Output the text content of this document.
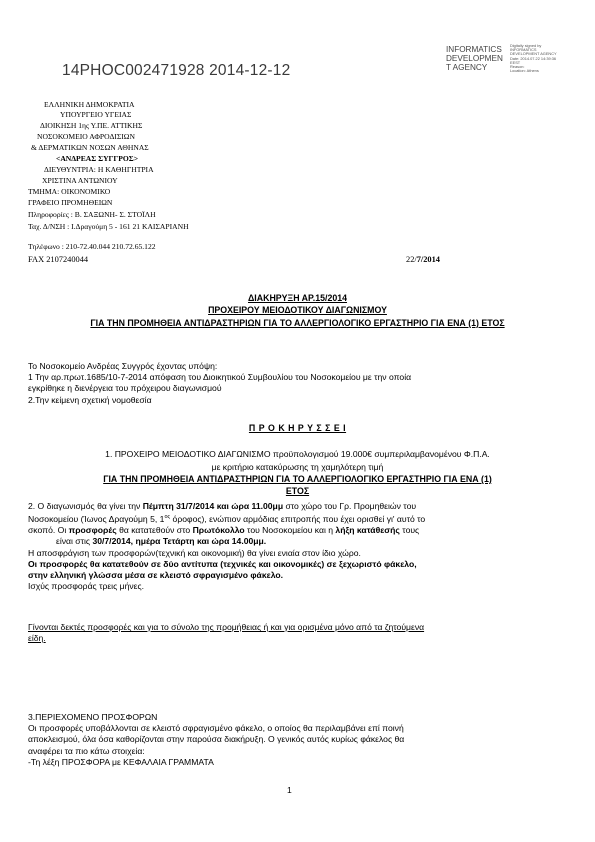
14ΡΗΟC002471928 2014-12-12
INFORMATICS
DEVELOPMEN
T AGENCY
Digitally signed by
INFORMATICS
DEVELOPMENT AGENCY
Date: 2014.07.22 14:39:36
EEST
Reason:
Location: Athens
ΕΛΛΗΝΙΚΗ ΔΗΜΟΚΡΑΤΙΑ
ΥΠΟΥΡΓΕΙΟ ΥΓΕΙΑΣ
ΔΙΟΙΚΗΣΗ 1ης Υ.ΠΕ. ΑΤΤΙΚΗΣ
ΝΟΣΟΚΟΜΕΙΟ ΑΦΡΟΔΙΣΙΩΝ
& ΔΕΡΜΑΤΙΚΩΝ ΝΟΣΩΝ ΑΘΗΝΑΣ
<ΑΝΔΡΕΑΣ ΣΥΓΓΡΟΣ>
ΔΙΕΥΘΥΝΤΡΙΑ: Η ΚΑΘΗΓΗΤΡΙΑ
ΧΡΙΣΤΙΝΑ ΑΝΤΩΝΙΟΥ
ΤΜΗΜΑ: ΟΙΚΟΝΟΜΙΚΟ
ΓΡΑΦΕΙΟ ΠΡΟΜΗΘΕΙΩΝ
Πληροφορίες : Β. ΣΑΞΩΝΗ- Σ. ΣΤΟΪΛΗ
Ταχ. Δ/ΝΣΗ : Ι.Δραγούμη 5 - 161 21 ΚΑΙΣΑΡΙΑΝΗ
Τηλέφωνο : 210-72.40.044 210.72.65.122
FAX 2107240044	22/7/2014
ΔΙΑΚΗΡΥΞΗ ΑΡ.15/2014
ΠΡΟΧΕΙΡΟΥ ΜΕΙΟΔΟΤΙΚΟΥ ΔΙΑΓΩΝΙΣΜΟΥ
ΓΙΑ ΤΗΝ ΠΡΟΜΗΘΕΙΑ ΑΝΤΙΔΡΑΣΤΗΡΙΩΝ ΓΙΑ ΤΟ ΑΛΛΕΡΓΙΟΛΟΓΙΚΟ ΕΡΓΑΣΤΗΡΙΟ ΓΙΑ ΕΝΑ (1) ΕΤΟΣ
Το Νοσοκομείο Ανδρέας Συγγρός έχοντας υπόψη:
1 Την αρ.πρωτ.1685/10-7-2014 απόφαση του Διοικητικού Συμβουλίου του Νοσοκομείου με την οποία
εγκρίθηκε η διενέργεια του πρόχειρου διαγωνισμού
2.Την κείμενη σχετική νομοθεσία
Π Ρ Ο Κ Η Ρ Υ Σ Σ Ε Ι
1. ΠΡΟΧΕΙΡΟ ΜΕΙΟΔΟΤΙΚΟ ΔΙΑΓΩΝΙΣΜΟ προϋπολογισμού 19.000€ συμπεριλαμβανομένου Φ.Π.Α.
με κριτήριο κατακύρωσης τη χαμηλότερη τιμή
ΓΙΑ ΤΗΝ ΠΡΟΜΗΘΕΙΑ ΑΝΤΙΔΡΑΣΤΗΡΙΩΝ ΓΙΑ ΤΟ ΑΛΛΕΡΓΙΟΛΟΓΙΚΟ ΕΡΓΑΣΤΗΡΙΟ ΓΙΑ ΕΝΑ (1)
ΕΤΟΣ
2. Ο διαγωνισμός θα γίνει την Πέμπτη 31/7/2014 και ώρα 11.00μμ στο χώρο του Γρ. Προμηθειών του
Νοσοκομείου (Ίωνος Δραγούμη 5, $1^{o\varsigma}$ όροφος), ενώπιον αρμόδιας επιτροπής που έχει ορισθεί γι' αυτό το
σκοπό. Οι προσφορές θα κατατεθούν στο Πρωτόκολλο του Νοσοκομείου και η λήξη κατάθεσής τους
είναι στις 30/7/2014, ημέρα Τετάρτη και ώρα 14.00μμ.
Η αποσφράγιση των προσφορών(τεχνική και οικονομική) θα γίνει ενιαία στον ίδιο χώρο.
Οι προσφορές θα κατατεθούν σε δύο αντίτυπα (τεχνικές και οικονομικές) σε ξεχωριστό φάκελο,
στην ελληνική γλώσσα μέσα σε κλειστό σφραγισμένο φάκελο.
Ισχύς προσφοράς τρεις μήνες.
Γίνονται δεκτές προσφορές και για το σύνολο της προμήθειας ή και για ορισμένα μόνο από τα ζητούμενα
είδη.
3.ΠΕΡΙΕΧΟΜΕΝΟ ΠΡΟΣΦΟΡΩΝ
Οι προσφορές υποβάλλονται σε κλειστό σφραγισμένο φάκελο, ο οποίος θα περιλαμβάνει επί ποινή
αποκλεισμού, όλα όσα καθορίζονται στην παρούσα διακήρυξη. Ο γενικός αυτός κυρίως φάκελος θα
αναφέρει τα πιο κάτω στοιχεία:
-Τη λέξη ΠΡΟΣΦΟΡΑ με ΚΕΦΑΛΑΙΑ ΓΡΑΜΜΑΤΑ
1
